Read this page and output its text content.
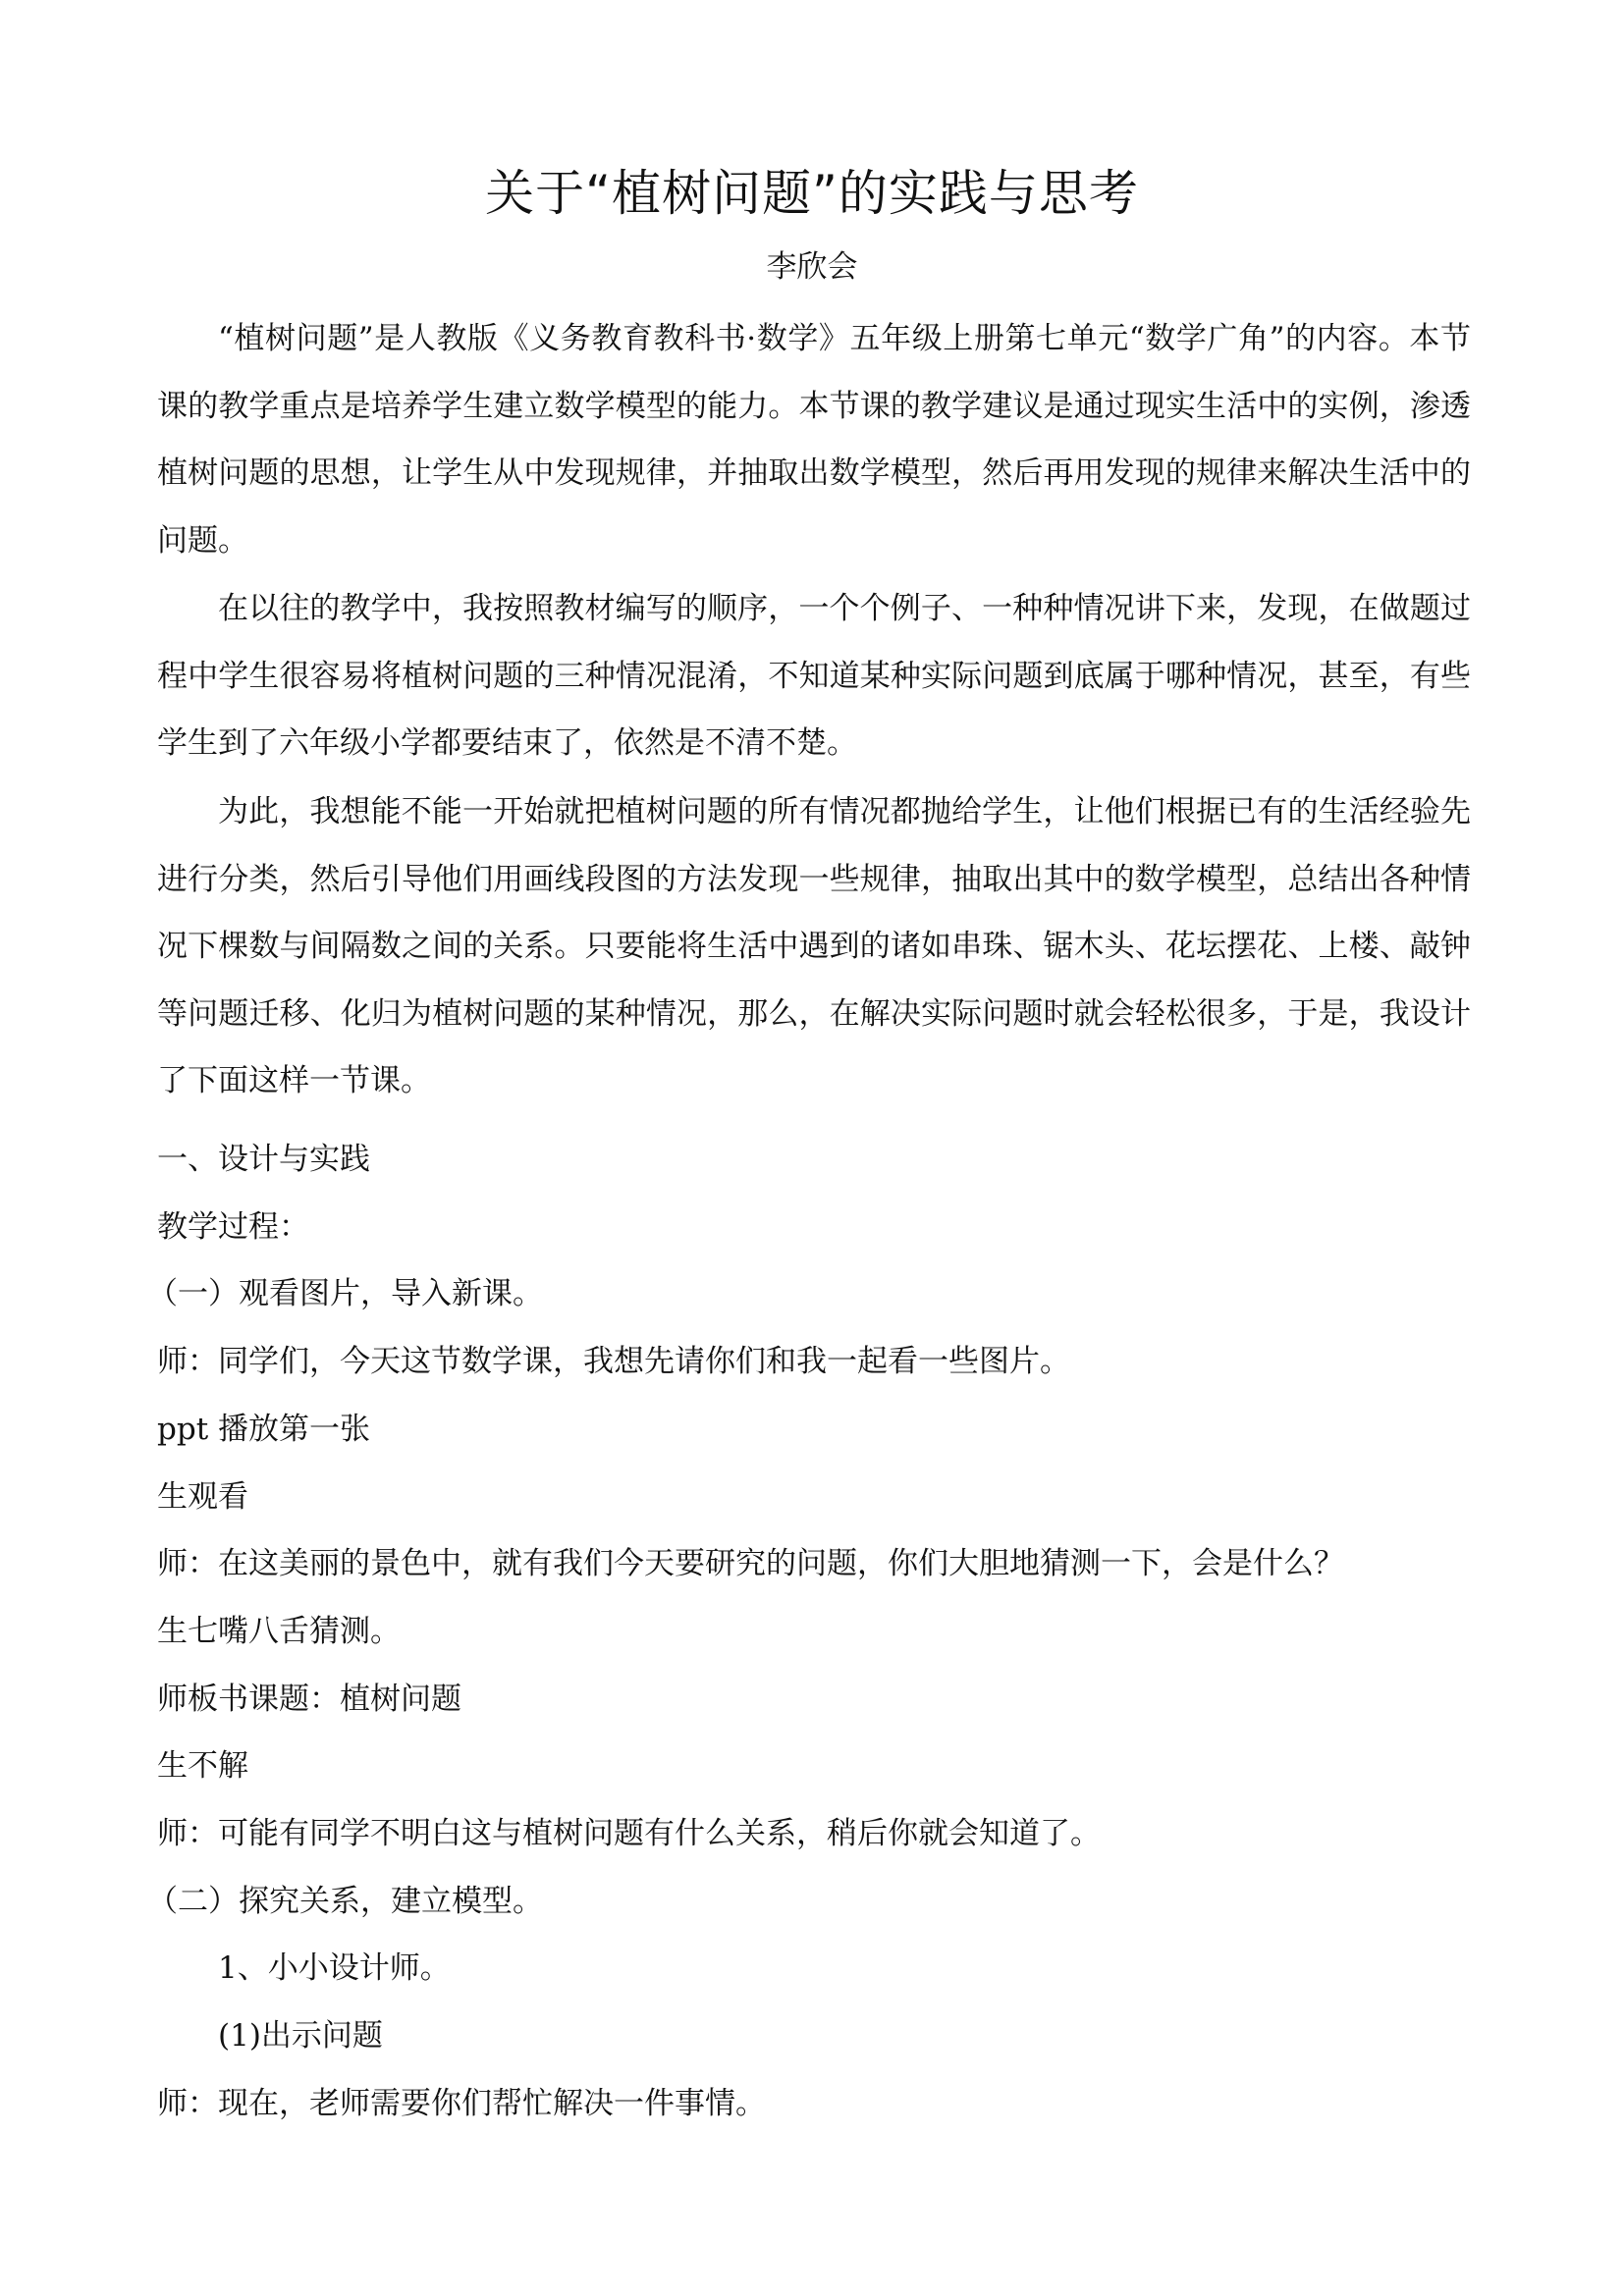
关于“植树问题”的实践与思考
李欣会

“植树问题”是人教版《义务教育教科书·数学》五年级上册第七单元“数学广角”的内容。本节课的教学重点是培养学生建立数学模型的能力。本节课的教学建议是通过现实生活中的实例，渗透植树问题的思想，让学生从中发现规律，并抽取出数学模型，然后再用发现的规律来解决生活中的问题。

在以往的教学中，我按照教材编写的顺序，一个个例子、一种种情况讲下来，发现，在做题过程中学生很容易将植树问题的三种情况混淆，不知道某种实际问题到底属于哪种情况，甚至，有些学生到了六年级小学都要结束了，依然是不清不楚。

为此，我想能不能一开始就把植树问题的所有情况都抛给学生，让他们根据已有的生活经验先进行分类，然后引导他们用画线段图的方法发现一些规律，抽取出其中的数学模型，总结出各种情况下棵数与间隔数之间的关系。只要能将生活中遇到的诸如串珠、锯木头、花坛摆花、上楼、敲钟等问题迁移、化归为植树问题的某种情况，那么，在解决实际问题时就会轻松很多，于是，我设计了下面这样一节课。

一、设计与实践
教学过程：
（一）观看图片，导入新课。
师：同学们，今天这节数学课，我想先请你们和我一起看一些图片。
ppt 播放第一张
生观看
师：在这美丽的景色中，就有我们今天要研究的问题，你们大胆地猜测一下，会是什么？
生七嘴八舌猜测。
师板书课题：植树问题
生不解
师：可能有同学不明白这与植树问题有什么关系，稍后你就会知道了。
（二）探究关系，建立模型。
1、小小设计师。
(1)出示问题
师：现在，老师需要你们帮忙解决一件事情。
